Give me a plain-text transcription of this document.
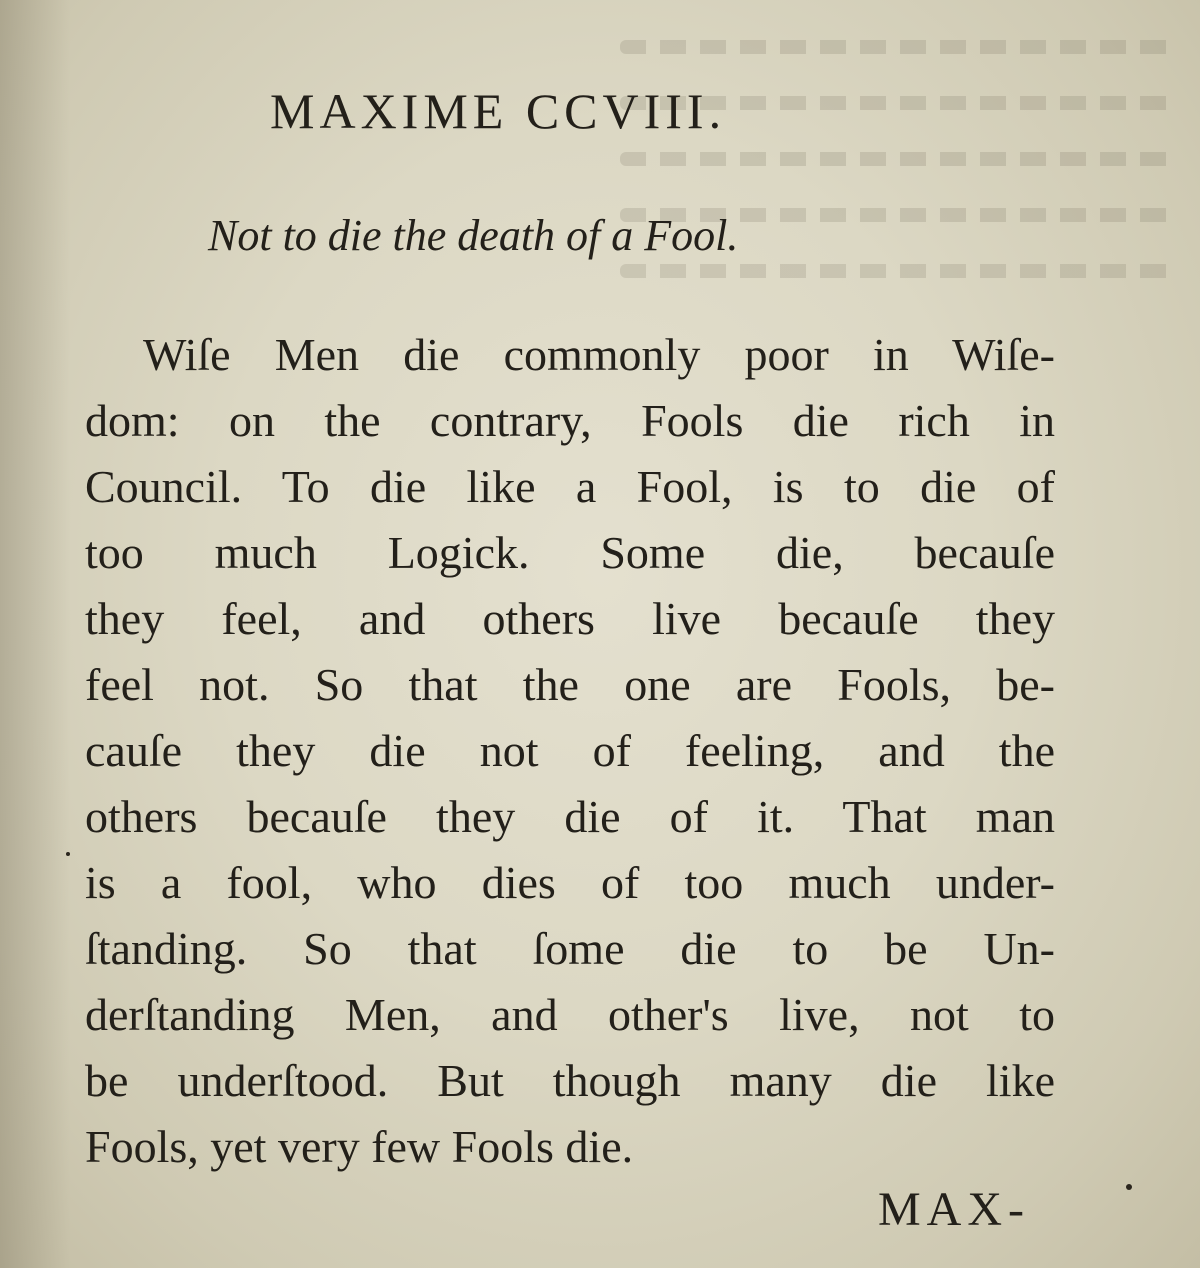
MAXIME CCVIII.
Not to die the death of a Fool.
Wiſe Men die commonly poor in Wiſe-
dom: on the contrary, Fools die rich in
Council. To die like a Fool, is to die of
too much Logick. Some die, becauſe
they feel, and others live becauſe they
feel not. So that the one are Fools, be-
cauſe they die not of feeling, and the
others becauſe they die of it. That man
is a fool, who dies of too much under-
ſtanding. So that ſome die to be Un-
derſtanding Men, and other's live, not to
be underſtood. But though many die like
Fools, yet very few Fools die.
MAX-
